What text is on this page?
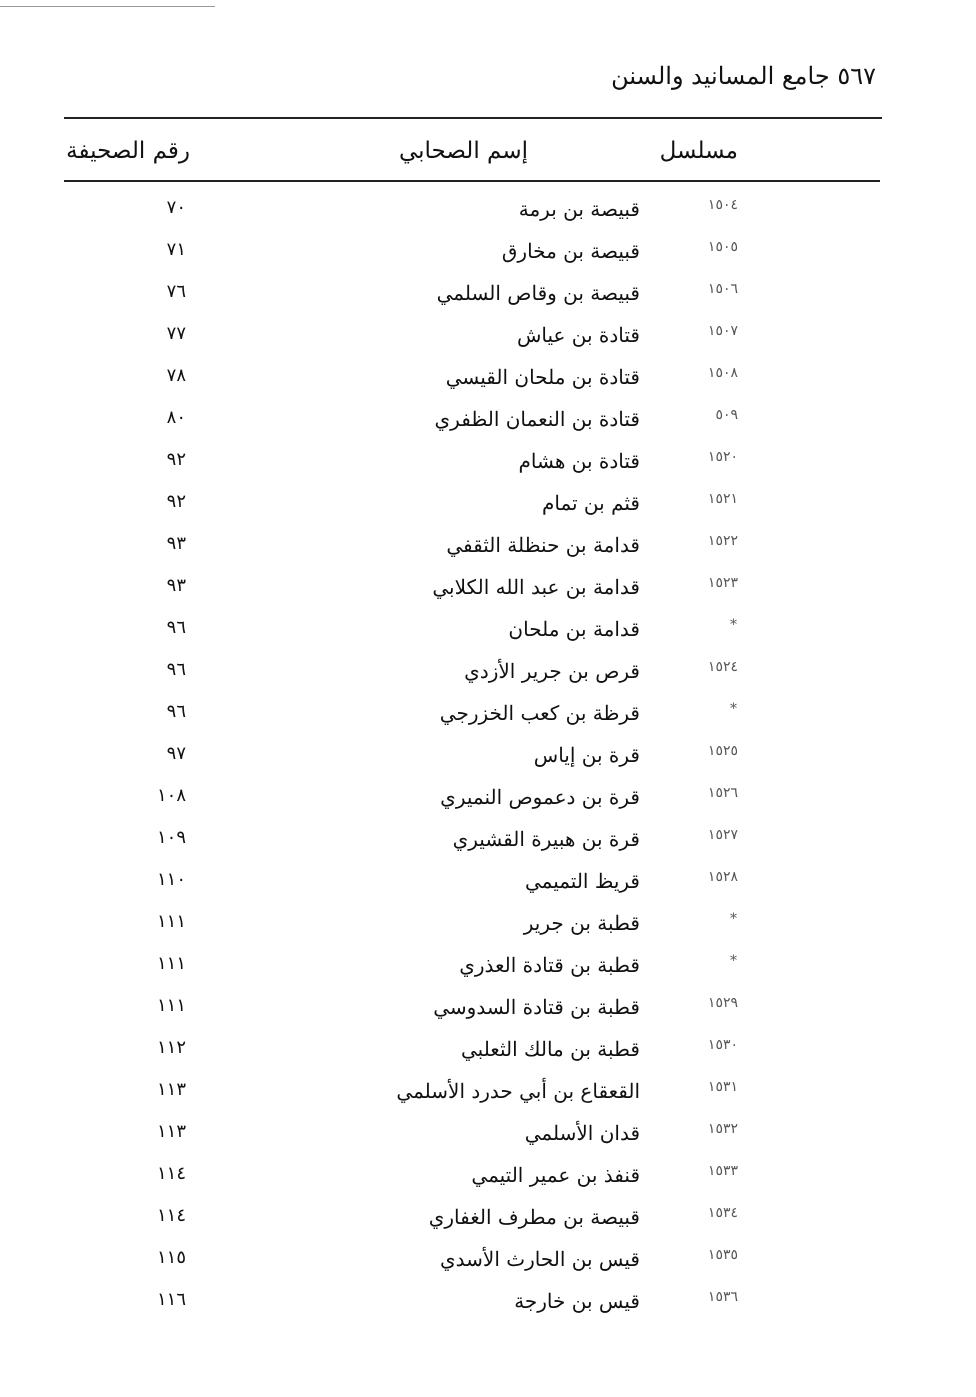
٥٦٧ جامع المسانيد والسنن
مسلسل
إسم الصحابي
رقم الصحيفة
١٥٠٤
قبيصة بن برمة
٧٠
١٥٠٥
قبيصة بن مخارق
٧١
١٥٠٦
قبيصة بن وقاص السلمي
٧٦
١٥٠٧
قتادة بن عياش
٧٧
١٥٠٨
قتادة بن ملحان القيسي
٧٨
٥٠٩
قتادة بن النعمان الظفري
٨٠
١٥٢٠
قتادة بن هشام
٩٢
١٥٢١
قثم بن تمام
٩٢
١٥٢٢
قدامة بن حنظلة الثقفي
٩٣
١٥٢٣
قدامة بن عبد الله الكلابي
٩٣
*
قدامة بن ملحان
٩٦
١٥٢٤
قرص بن جرير الأزدي
٩٦
*
قرظة بن كعب الخزرجي
٩٦
١٥٢٥
قرة بن إياس
٩٧
١٥٢٦
قرة بن دعموص النميري
١٠٨
١٥٢٧
قرة بن هبيرة القشيري
١٠٩
١٥٢٨
قريظ التميمي
١١٠
*
قطبة بن جرير
١١١
*
قطبة بن قتادة العذري
١١١
١٥٢٩
قطبة بن قتادة السدوسي
١١١
١٥٣٠
قطبة بن مالك الثعلبي
١١٢
١٥٣١
القعقاع بن أبي حدرد الأسلمي
١١٣
١٥٣٢
قدان الأسلمي
١١٣
١٥٣٣
قنفذ بن عمير التيمي
١١٤
١٥٣٤
قبيصة بن مطرف الغفاري
١١٤
١٥٣٥
قيس بن الحارث الأسدي
١١٥
١٥٣٦
قيس بن خارجة
١١٦
